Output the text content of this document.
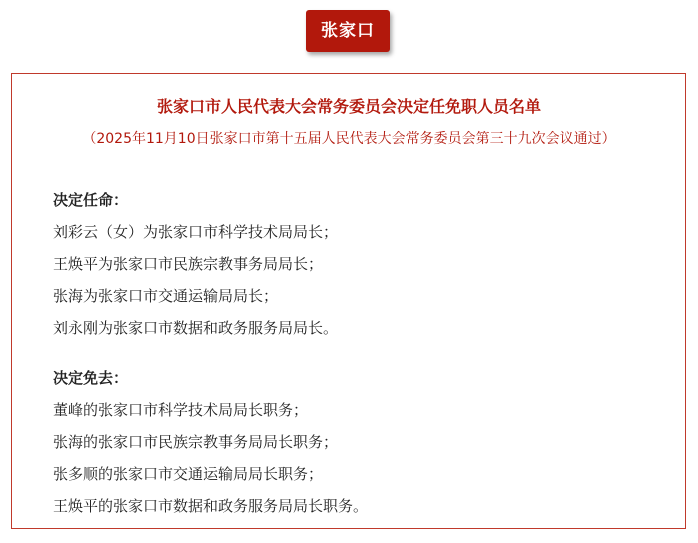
张家口
张家口市人民代表大会常务委员会决定任免职人员名单
（2025年11月10日张家口市第十五届人民代表大会常务委员会第三十九次会议通过）
决定任命：
刘彩云（女）为张家口市科学技术局局长；
王焕平为张家口市民族宗教事务局局长；
张海为张家口市交通运输局局长；
刘永刚为张家口市数据和政务服务局局长。
决定免去：
董峰的张家口市科学技术局局长职务；
张海的张家口市民族宗教事务局局长职务；
张多顺的张家口市交通运输局局长职务；
王焕平的张家口市数据和政务服务局局长职务。
